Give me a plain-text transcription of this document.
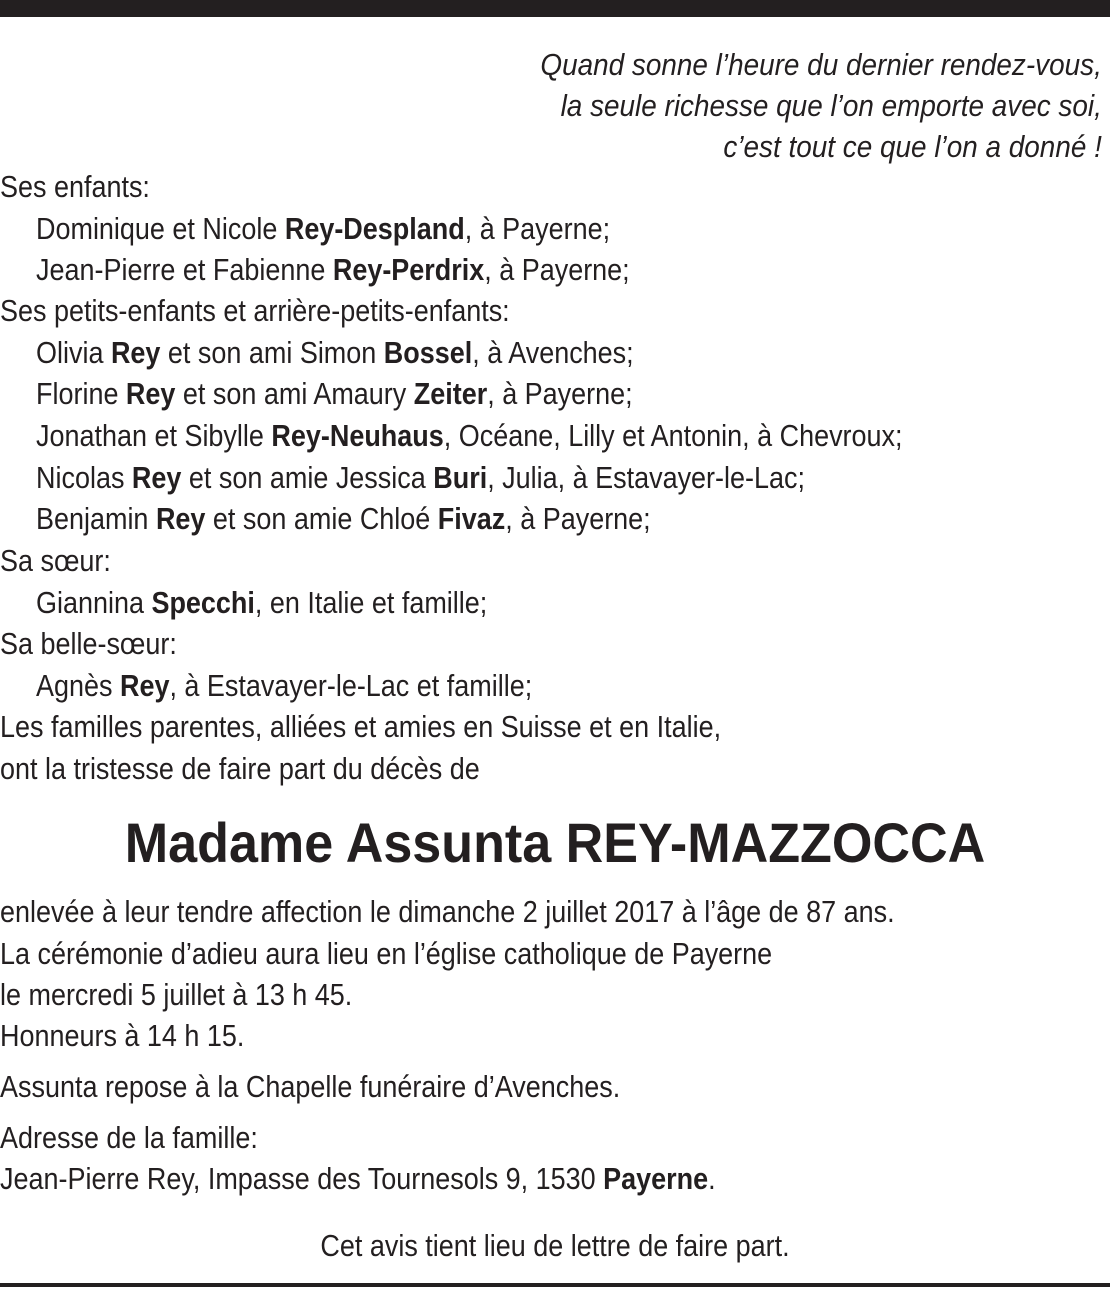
Quand sonne l’heure du dernier rendez-vous,
la seule richesse que l’on emporte avec soi,
c’est tout ce que l’on a donné !
Ses enfants:
Dominique et Nicole Rey-Despland, à Payerne;
Jean-Pierre et Fabienne Rey-Perdrix, à Payerne;
Ses petits-enfants et arrière-petits-enfants:
Olivia Rey et son ami Simon Bossel, à Avenches;
Florine Rey et son ami Amaury Zeiter, à Payerne;
Jonathan et Sibylle Rey-Neuhaus, Océane, Lilly et Antonin, à Chevroux;
Nicolas Rey et son amie Jessica Buri, Julia, à Estavayer-le-Lac;
Benjamin Rey et son amie Chloé Fivaz, à Payerne;
Sa sœur:
Giannina Specchi, en Italie et famille;
Sa belle-sœur:
Agnès Rey, à Estavayer-le-Lac et famille;
Les familles parentes, alliées et amies en Suisse et en Italie,
ont la tristesse de faire part du décès de
Madame Assunta REY-MAZZOCCA
enlevée à leur tendre affection le dimanche 2 juillet 2017 à l’âge de 87 ans.
La cérémonie d’adieu aura lieu en l’église catholique de Payerne
le mercredi 5 juillet à 13 h 45.
Honneurs à 14 h 15.
Assunta repose à la Chapelle funéraire d’Avenches.
Adresse de la famille:
Jean-Pierre Rey, Impasse des Tournesols 9, 1530 Payerne.
Cet avis tient lieu de lettre de faire part.
